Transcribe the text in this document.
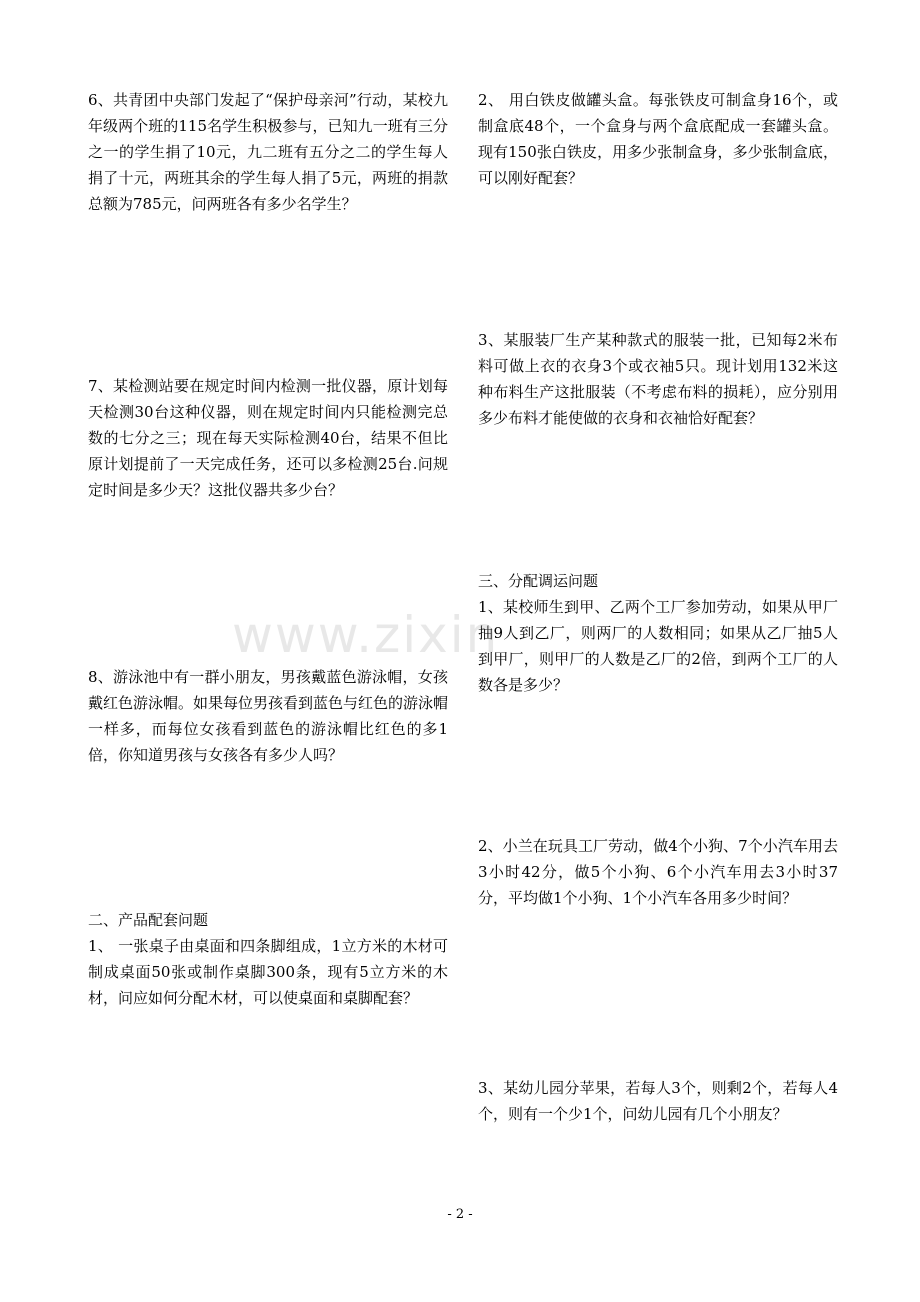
6、共青团中央部门发起了“保护母亲河”行动，某校九年级两个班的115名学生积极参与，已知九一班有三分之一的学生捐了10元，九二班有五分之二的学生每人捐了十元，两班其余的学生每人捐了5元，两班的捐款总额为785元，问两班各有多少名学生？

7、某检测站要在规定时间内检测一批仪器，原计划每天检测30台这种仪器，则在规定时间内只能检测完总数的七分之三；现在每天实际检测40台，结果不但比原计划提前了一天完成任务，还可以多检测25台.问规定时间是多少天？这批仪器共多少台？

8、游泳池中有一群小朋友，男孩戴蓝色游泳帽，女孩戴红色游泳帽。如果每位男孩看到蓝色与红色的游泳帽一样多，而每位女孩看到蓝色的游泳帽比红色的多1倍，你知道男孩与女孩各有多少人吗？

二、产品配套问题

1、 一张桌子由桌面和四条脚组成，1立方米的木材可制成桌面50张或制作桌脚300条，现有5立方米的木材，问应如何分配木材，可以使桌面和桌脚配套？

2、 用白铁皮做罐头盒。每张铁皮可制盒身16个，或制盒底48个，一个盒身与两个盒底配成一套罐头盒。现有150张白铁皮，用多少张制盒身，多少张制盒底，可以刚好配套？

3、某服装厂生产某种款式的服装一批，已知每2米布料可做上衣的衣身3个或衣袖5只。现计划用132米这种布料生产这批服装（不考虑布料的损耗），应分别用多少布料才能使做的衣身和衣袖恰好配套？

三、分配调运问题

1、某校师生到甲、乙两个工厂参加劳动，如果从甲厂抽9人到乙厂，则两厂的人数相同；如果从乙厂抽5人到甲厂，则甲厂的人数是乙厂的2倍，到两个工厂的人数各是多少？

2、小兰在玩具工厂劳动，做4个小狗、7个小汽车用去3小时42分，做5个小狗、6个小汽车用去3小时37分，平均做1个小狗、1个小汽车各用多少时间？

3、某幼儿园分苹果，若每人3个，则剩2个，若每人4个，则有一个少1个，问幼儿园有几个小朋友？

www.zixin
- 2 -
